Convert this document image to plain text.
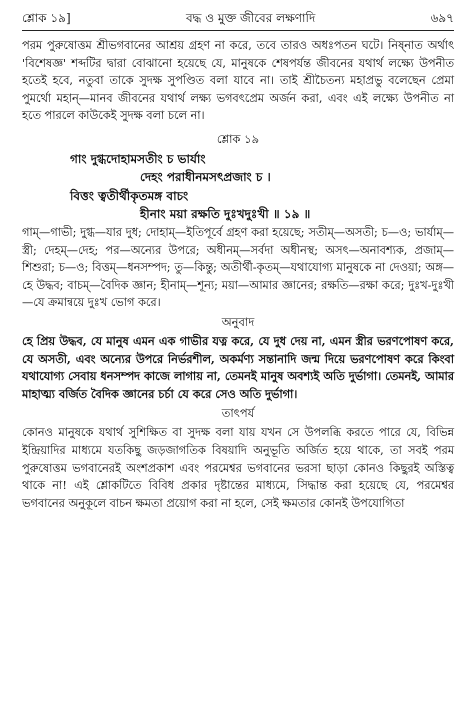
শ্লোক ১৯]	বদ্ধ ও মুক্ত জীবের লক্ষণাদি	৬৯৭

পরম পুরুষোত্তম শ্রীভগবানের আশ্রয় গ্রহণ না করে, তবে তারও অধঃপতন ঘটে। নিষ্নাত অর্থাৎ 'বিশেষজ্ঞ' শব্দটির দ্বারা বোঝানো হয়েছে যে, মানুষকে শেষপর্যন্ত জীবনের যথার্থ লক্ষ্যে উপনীত হতেই হবে, নতুবা তাকে সুদক্ষ সুপণ্ডিত বলা যাবে না। তাই শ্রীচৈতন্য মহাপ্রভু বলেছেন প্রেমা পুমর্থো মহান্‌—মানব জীবনের যথার্থ লক্ষ্য ভগবৎপ্রেম অর্জন করা, এবং এই লক্ষ্যে উপনীত না হতে পারলে কাউকেই সুদক্ষ বলা চলে না।

শ্লোক ১৯
গাং দুগ্ধদোহামসতীং চ ভার্যাং
দেহং পরাধীনমসৎপ্রজাং চ ।
বিত্তং ত্বতীর্থীকৃতমঙ্গ বাচং
হীনাং ময়া রক্ষতি দুঃখদুঃখী ॥ ১৯ ॥

গাম্‌—গাভী; দুগ্ধ—যার দুধ; দোহাম্‌—ইতিপূর্বে গ্রহণ করা হয়েছে; সতীম্‌—অসতী; চ—ও; ভার্যাম্‌—স্ত্রী; দেহম্‌—দেহ; পর—অন্যের উপরে; অধীনম্‌—সর্বদা অধীনস্থ; অসৎ—অনাবশ্যক, প্রজাম্‌—শিশুরা; চ—ও; বিত্তম্‌—ধনসম্পদ; তু—কিন্তু; অতীর্থী-কৃতম্‌—যথাযোগ্য মানুষকে না দেওয়া; অঙ্গ—হে উদ্ধব; বাচম্‌—বৈদিক জ্ঞান; হীনাম্‌—শূন্য; ময়া—আমার জ্ঞানের; রক্ষতি—রক্ষা করে; দুঃখ-দুঃখী—যে ক্রমান্বয়ে দুঃখ ভোগ করে।

অনুবাদ

হে প্রিয় উদ্ধব, যে মানুষ এমন এক গাভীর যত্ন করে, যে দুধ দেয় না, এমন স্ত্রীর ভরণপোষণ করে, যে অসতী, এবং অন্যের উপরে নির্ভরশীল, অকর্মণ্য সন্তানাদি জন্ম দিয়ে ভরণপোষণ করে কিংবা যথাযোগ্য সেবায় ধনসম্পদ কাজে লাগায় না, তেমনই মানুষ অবশ্যই অতি দুর্ভাগা। তেমনই, আমার মাহাত্ম্য বর্জিত বৈদিক জ্ঞানের চর্চা যে করে সেও অতি দুর্ভাগা।

তাৎপর্য

কোনও মানুষকে যথার্থ সুশিক্ষিত বা সুদক্ষ বলা যায় যখন সে উপলব্ধি করতে পারে যে, বিভিন্ন ইন্দ্রিয়াদির মাধ্যমে যতকিছু জড়জাগতিক বিষয়াদি অনুভূতি অর্জিত হয়ে থাকে, তা সবই পরম পুরুষোত্তম ভগবানেরই অংশপ্রকাশ এবং পরমেশ্বর ভগবানের ভরসা ছাড়া কোনও কিছুরই অস্তিত্ব থাকে না! এই শ্লোকটিতে বিবিধ প্রকার দৃষ্টান্তের মাধ্যমে, সিদ্ধান্ত করা হয়েছে যে, পরমেশ্বর ভগবানের অনুকূলে বাচন ক্ষমতা প্রয়োগ করা না হলে, সেই ক্ষমতার কোনই উপযোগিতা
